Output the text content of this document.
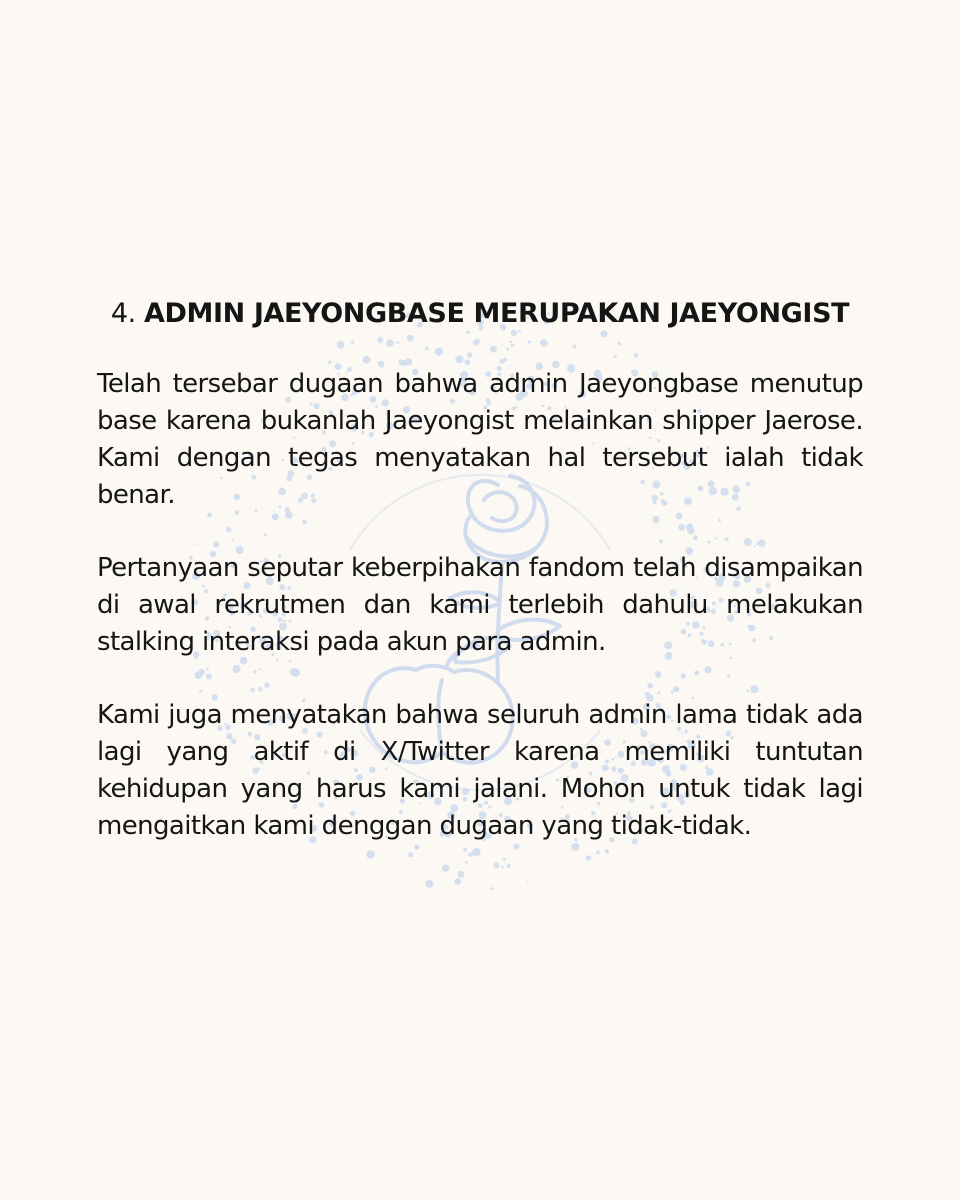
4. ADMIN JAEYONGBASE MERUPAKAN JAEYONGIST

Telah tersebar dugaan bahwa admin Jaeyongbase menutup base karena bukanlah Jaeyongist melainkan shipper Jaerose. Kami dengan tegas menyatakan hal tersebut ialah tidak benar.

Pertanyaan seputar keberpihakan fandom telah disampaikan di awal rekrutmen dan kami terlebih dahulu melakukan stalking interaksi pada akun para admin.

Kami juga menyatakan bahwa seluruh admin lama tidak ada lagi yang aktif di X/Twitter karena memiliki tuntutan kehidupan yang harus kami jalani. Mohon untuk tidak lagi mengaitkan kami denggan dugaan yang tidak-tidak.
